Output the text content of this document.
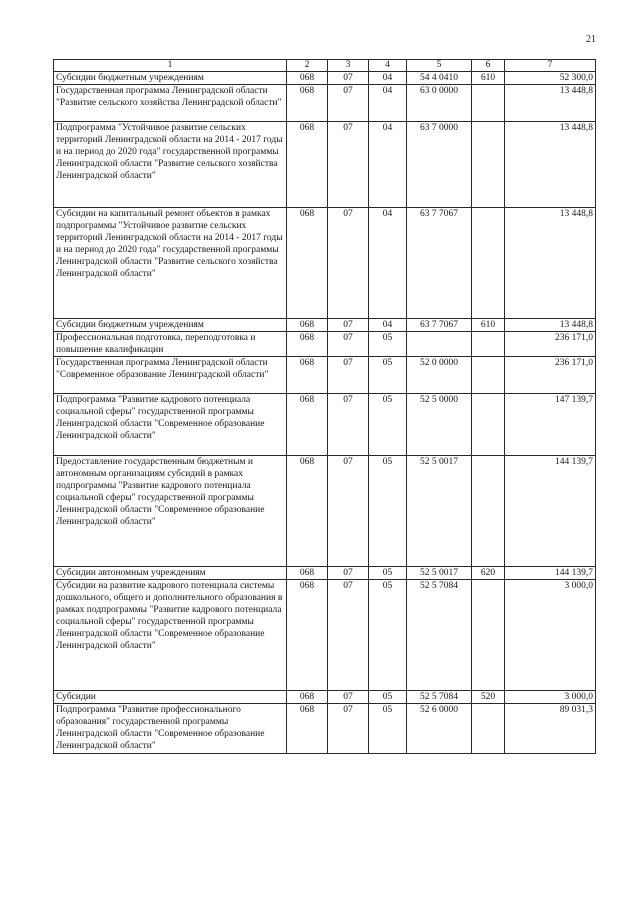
21
1	2	3	4	5	6	7
Субсидии бюджетным учреждениям	068	07	04	54 4 0410	610	52 300,0
Государственная программа Ленинградской области "Развитие сельского хозяйства Ленинградской области"	068	07	04	63 0 0000		13 448,8
Подпрограмма "Устойчивое развитие сельских территорий Ленинградской области на 2014 - 2017 годы и на период до 2020 года" государственной программы Ленинградской области "Развитие сельского хозяйства Ленинградской области"	068	07	04	63 7 0000		13 448,8
Субсидии на капитальный ремонт объектов в рамках подпрограммы "Устойчивое развитие сельских территорий Ленинградской области на 2014 - 2017 годы и на период до 2020 года" государственной программы Ленинградской области "Развитие сельского хозяйства Ленинградской области"	068	07	04	63 7 7067		13 448,8
Субсидии бюджетным учреждениям	068	07	04	63 7 7067	610	13 448,8
Профессиональная подготовка, переподготовка и повышение квалификации	068	07	05			236 171,0
Государственная программа Ленинградской области "Современное образование Ленинградской области"	068	07	05	52 0 0000		236 171,0
Подпрограмма "Развитие кадрового потенциала социальной сферы" государственной программы Ленинградской области "Современное образование Ленинградской области"	068	07	05	52 5 0000		147 139,7
Предоставление государственным бюджетным и автономным организациям субсидий в рамках подпрограммы "Развитие кадрового потенциала социальной сферы" государственной программы Ленинградской области "Современное образование Ленинградской области"	068	07	05	52 5 0017		144 139,7
Субсидии автономным учреждениям	068	07	05	52 5 0017	620	144 139,7
Субсидии на развитие кадрового потенциала системы дошкольного, общего и дополнительного образования в рамках подпрограммы "Развитие кадрового потенциала социальной сферы" государственной программы Ленинградской области "Современное образование Ленинградской области"	068	07	05	52 5 7084		3 000,0
Субсидии	068	07	05	52 5 7084	520	3 000,0
Подпрограмма "Развитие профессионального образования" государственной программы Ленинградской области "Современное образование Ленинградской области"	068	07	05	52 6 0000		89 031,3
